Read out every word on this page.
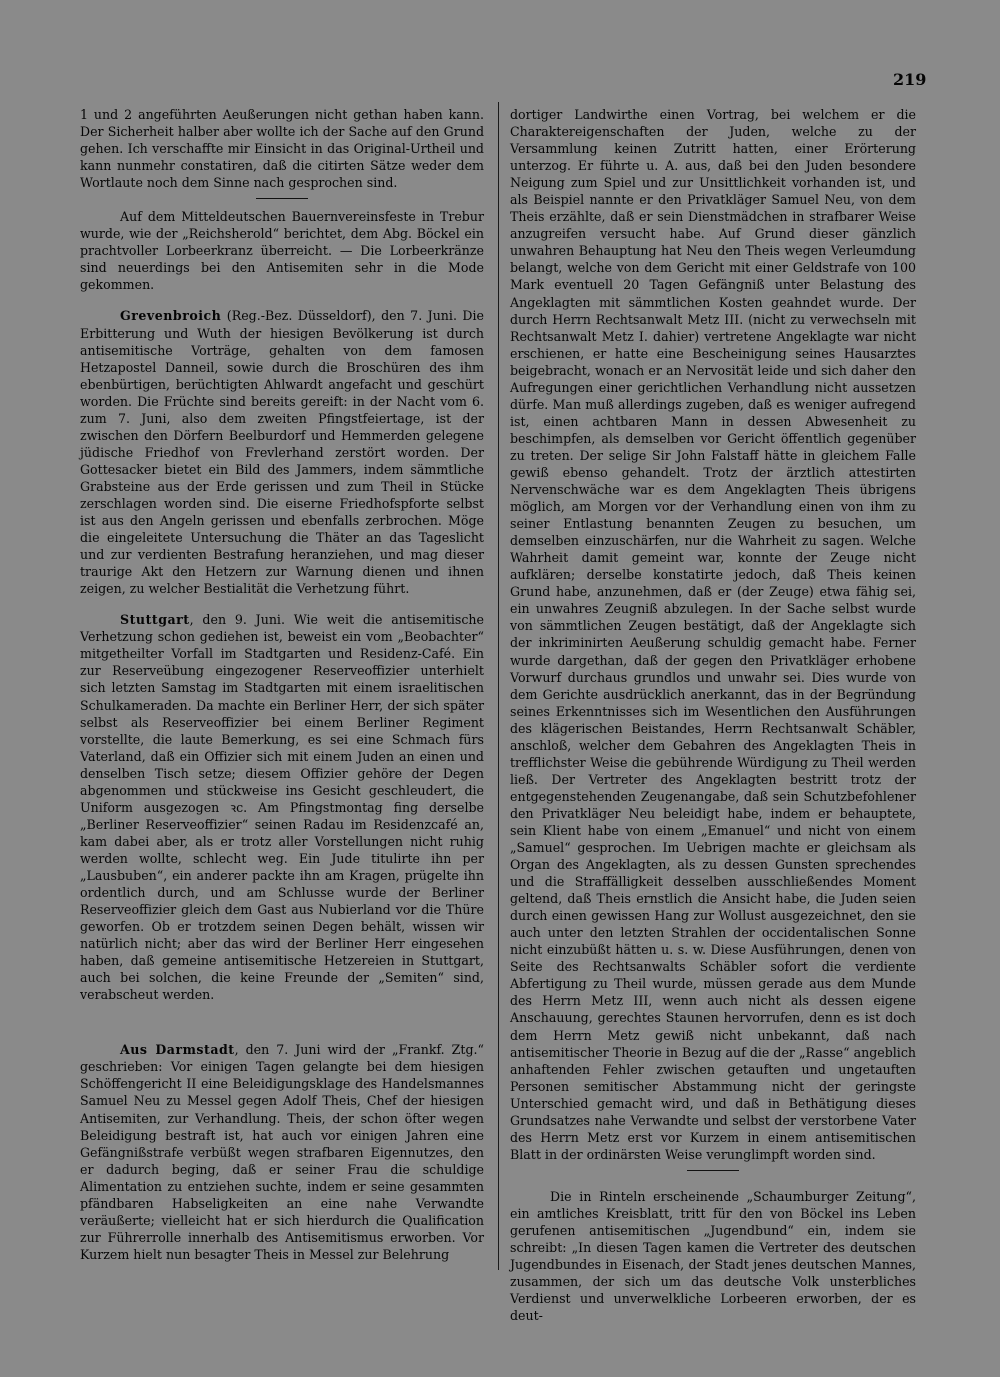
219

1 und 2 angeführten Aeußerungen nicht gethan haben kann. Der Sicherheit halber aber wollte ich der Sache auf den Grund gehen. Ich verschaffte mir Einsicht in das Original-Urtheil und kann nunmehr constatiren, daß die citirten Sätze weder dem Wortlaute noch dem Sinne nach gesprochen sind.

Auf dem Mitteldeutschen Bauernvereinsfeste in Trebur wurde, wie der „Reichsherold“ berichtet, dem Abg. Böckel ein prachtvoller Lorbeerkranz überreicht. — Die Lorbeerkränze sind neuerdings bei den Antisemiten sehr in die Mode gekommen.

Grevenbroich (Reg.-Bez. Düsseldorf), den 7. Juni. Die Erbitterung und Wuth der hiesigen Bevölkerung ist durch antisemitische Vorträge, gehalten von dem famosen Hetzapostel Danneil, sowie durch die Broschüren des ihm ebenbürtigen, berüchtigten Ahlwardt angefacht und geschürt worden. Die Früchte sind bereits gereift: in der Nacht vom 6. zum 7. Juni, also dem zweiten Pfingstfeiertage, ist der zwischen den Dörfern Beelburdorf und Hemmerden gelegene jüdische Friedhof von Frevlerhand zerstört worden. Der Gottesacker bietet ein Bild des Jammers, indem sämmtliche Grabsteine aus der Erde gerissen und zum Theil in Stücke zerschlagen worden sind. Die eiserne Friedhofspforte selbst ist aus den Angeln gerissen und ebenfalls zerbrochen. Möge die eingeleitete Untersuchung die Thäter an das Tageslicht und zur verdienten Bestrafung heranziehen, und mag dieser traurige Akt den Hetzern zur Warnung dienen und ihnen zeigen, zu welcher Bestialität die Verhetzung führt.

Stuttgart, den 9. Juni. Wie weit die antisemitische Verhetzung schon gediehen ist, beweist ein vom „Beobachter“ mitgetheilter Vorfall im Stadtgarten und Residenz-Café. Ein zur Reserveübung eingezogener Reserveoffizier unterhielt sich letzten Samstag im Stadtgarten mit einem israelitischen Schulkameraden. Da machte ein Berliner Herr, der sich später selbst als Reserveoffizier bei einem Berliner Regiment vorstellte, die laute Bemerkung, es sei eine Schmach fürs Vaterland, daß ein Offizier sich mit einem Juden an einen und denselben Tisch setze; diesem Offizier gehöre der Degen abgenommen und stückweise ins Gesicht geschleudert, die Uniform ausgezogen ꝛc. Am Pfingstmontag fing derselbe „Berliner Reserveoffizier“ seinen Radau im Residenzcafé an, kam dabei aber, als er trotz aller Vorstellungen nicht ruhig werden wollte, schlecht weg. Ein Jude titulirte ihn per „Lausbuben“, ein anderer packte ihn am Kragen, prügelte ihn ordentlich durch, und am Schlusse wurde der Berliner Reserveoffizier gleich dem Gast aus Nubierland vor die Thüre geworfen. Ob er trotzdem seinen Degen behält, wissen wir natürlich nicht; aber das wird der Berliner Herr eingesehen haben, daß gemeine antisemitische Hetzereien in Stuttgart, auch bei solchen, die keine Freunde der „Semiten“ sind, verabscheut werden.

Aus Darmstadt, den 7. Juni wird der „Frankf. Ztg.“ geschrieben: Vor einigen Tagen gelangte bei dem hiesigen Schöffengericht II eine Beleidigungsklage des Handelsmannes Samuel Neu zu Messel gegen Adolf Theis, Chef der hiesigen Antisemiten, zur Verhandlung. Theis, der schon öfter wegen Beleidigung bestraft ist, hat auch vor einigen Jahren eine Gefängnißstrafe verbüßt wegen strafbaren Eigennutzes, den er dadurch beging, daß er seiner Frau die schuldige Alimentation zu entziehen suchte, indem er seine gesammten pfändbaren Habseligkeiten an eine nahe Verwandte veräußerte; vielleicht hat er sich hierdurch die Qualification zur Führerrolle innerhalb des Antisemitismus erworben. Vor Kurzem hielt nun besagter Theis in Messel zur Belehrung

dortiger Landwirthe einen Vortrag, bei welchem er die Charaktereigenschaften der Juden, welche zu der Versammlung keinen Zutritt hatten, einer Erörterung unterzog. Er führte u. A. aus, daß bei den Juden besondere Neigung zum Spiel und zur Unsittlichkeit vorhanden ist, und als Beispiel nannte er den Privatkläger Samuel Neu, von dem Theis erzählte, daß er sein Dienstmädchen in strafbarer Weise anzugreifen versucht habe. Auf Grund dieser gänzlich unwahren Behauptung hat Neu den Theis wegen Verleumdung belangt, welche von dem Gericht mit einer Geldstrafe von 100 Mark eventuell 20 Tagen Gefängniß unter Belastung des Angeklagten mit sämmtlichen Kosten geahndet wurde. Der durch Herrn Rechtsanwalt Metz III. (nicht zu verwechseln mit Rechtsanwalt Metz I. dahier) vertretene Angeklagte war nicht erschienen, er hatte eine Bescheinigung seines Hausarztes beigebracht, wonach er an Nervosität leide und sich daher den Aufregungen einer gerichtlichen Verhandlung nicht aussetzen dürfe. Man muß allerdings zugeben, daß es weniger aufregend ist, einen achtbaren Mann in dessen Abwesenheit zu beschimpfen, als demselben vor Gericht öffentlich gegenüber zu treten. Der selige Sir John Falstaff hätte in gleichem Falle gewiß ebenso gehandelt. Trotz der ärztlich attestirten Nervenschwäche war es dem Angeklagten Theis übrigens möglich, am Morgen vor der Verhandlung einen von ihm zu seiner Entlastung benannten Zeugen zu besuchen, um demselben einzuschärfen, nur die Wahrheit zu sagen. Welche Wahrheit damit gemeint war, konnte der Zeuge nicht aufklären; derselbe konstatirte jedoch, daß Theis keinen Grund habe, anzunehmen, daß er (der Zeuge) etwa fähig sei, ein unwahres Zeugniß abzulegen. In der Sache selbst wurde von sämmtlichen Zeugen bestätigt, daß der Angeklagte sich der inkriminirten Aeußerung schuldig gemacht habe. Ferner wurde dargethan, daß der gegen den Privatkläger erhobene Vorwurf durchaus grundlos und unwahr sei. Dies wurde von dem Gerichte ausdrücklich anerkannt, das in der Begründung seines Erkenntnisses sich im Wesentlichen den Ausführungen des klägerischen Beistandes, Herrn Rechtsanwalt Schäbler, anschloß, welcher dem Gebahren des Angeklagten Theis in trefflichster Weise die gebührende Würdigung zu Theil werden ließ. Der Vertreter des Angeklagten bestritt trotz der entgegenstehenden Zeugenangabe, daß sein Schutzbefohlener den Privatkläger Neu beleidigt habe, indem er behauptete, sein Klient habe von einem „Emanuel“ und nicht von einem „Samuel“ gesprochen. Im Uebrigen machte er gleichsam als Organ des Angeklagten, als zu dessen Gunsten sprechendes und die Straffälligkeit desselben ausschließendes Moment geltend, daß Theis ernstlich die Ansicht habe, die Juden seien durch einen gewissen Hang zur Wollust ausgezeichnet, den sie auch unter den letzten Strahlen der occidentalischen Sonne nicht einzubüßt hätten u. s. w. Diese Ausführungen, denen von Seite des Rechtsanwalts Schäbler sofort die verdiente Abfertigung zu Theil wurde, müssen gerade aus dem Munde des Herrn Metz III, wenn auch nicht als dessen eigene Anschauung, gerechtes Staunen hervorrufen, denn es ist doch dem Herrn Metz gewiß nicht unbekannt, daß nach antisemitischer Theorie in Bezug auf die der „Rasse“ angeblich anhaftenden Fehler zwischen getauften und ungetauften Personen semitischer Abstammung nicht der geringste Unterschied gemacht wird, und daß in Bethätigung dieses Grundsatzes nahe Verwandte und selbst der verstorbene Vater des Herrn Metz erst vor Kurzem in einem antisemitischen Blatt in der ordinärsten Weise verunglimpft worden sind.

Die in Rinteln erscheinende „Schaumburger Zeitung“, ein amtliches Kreisblatt, tritt für den von Böckel ins Leben gerufenen antisemitischen „Jugendbund“ ein, indem sie schreibt: „In diesen Tagen kamen die Vertreter des deutschen Jugendbundes in Eisenach, der Stadt jenes deutschen Mannes, zusammen, der sich um das deutsche Volk unsterbliches Verdienst und unverwelkliche Lorbeeren erworben, der es deut-
